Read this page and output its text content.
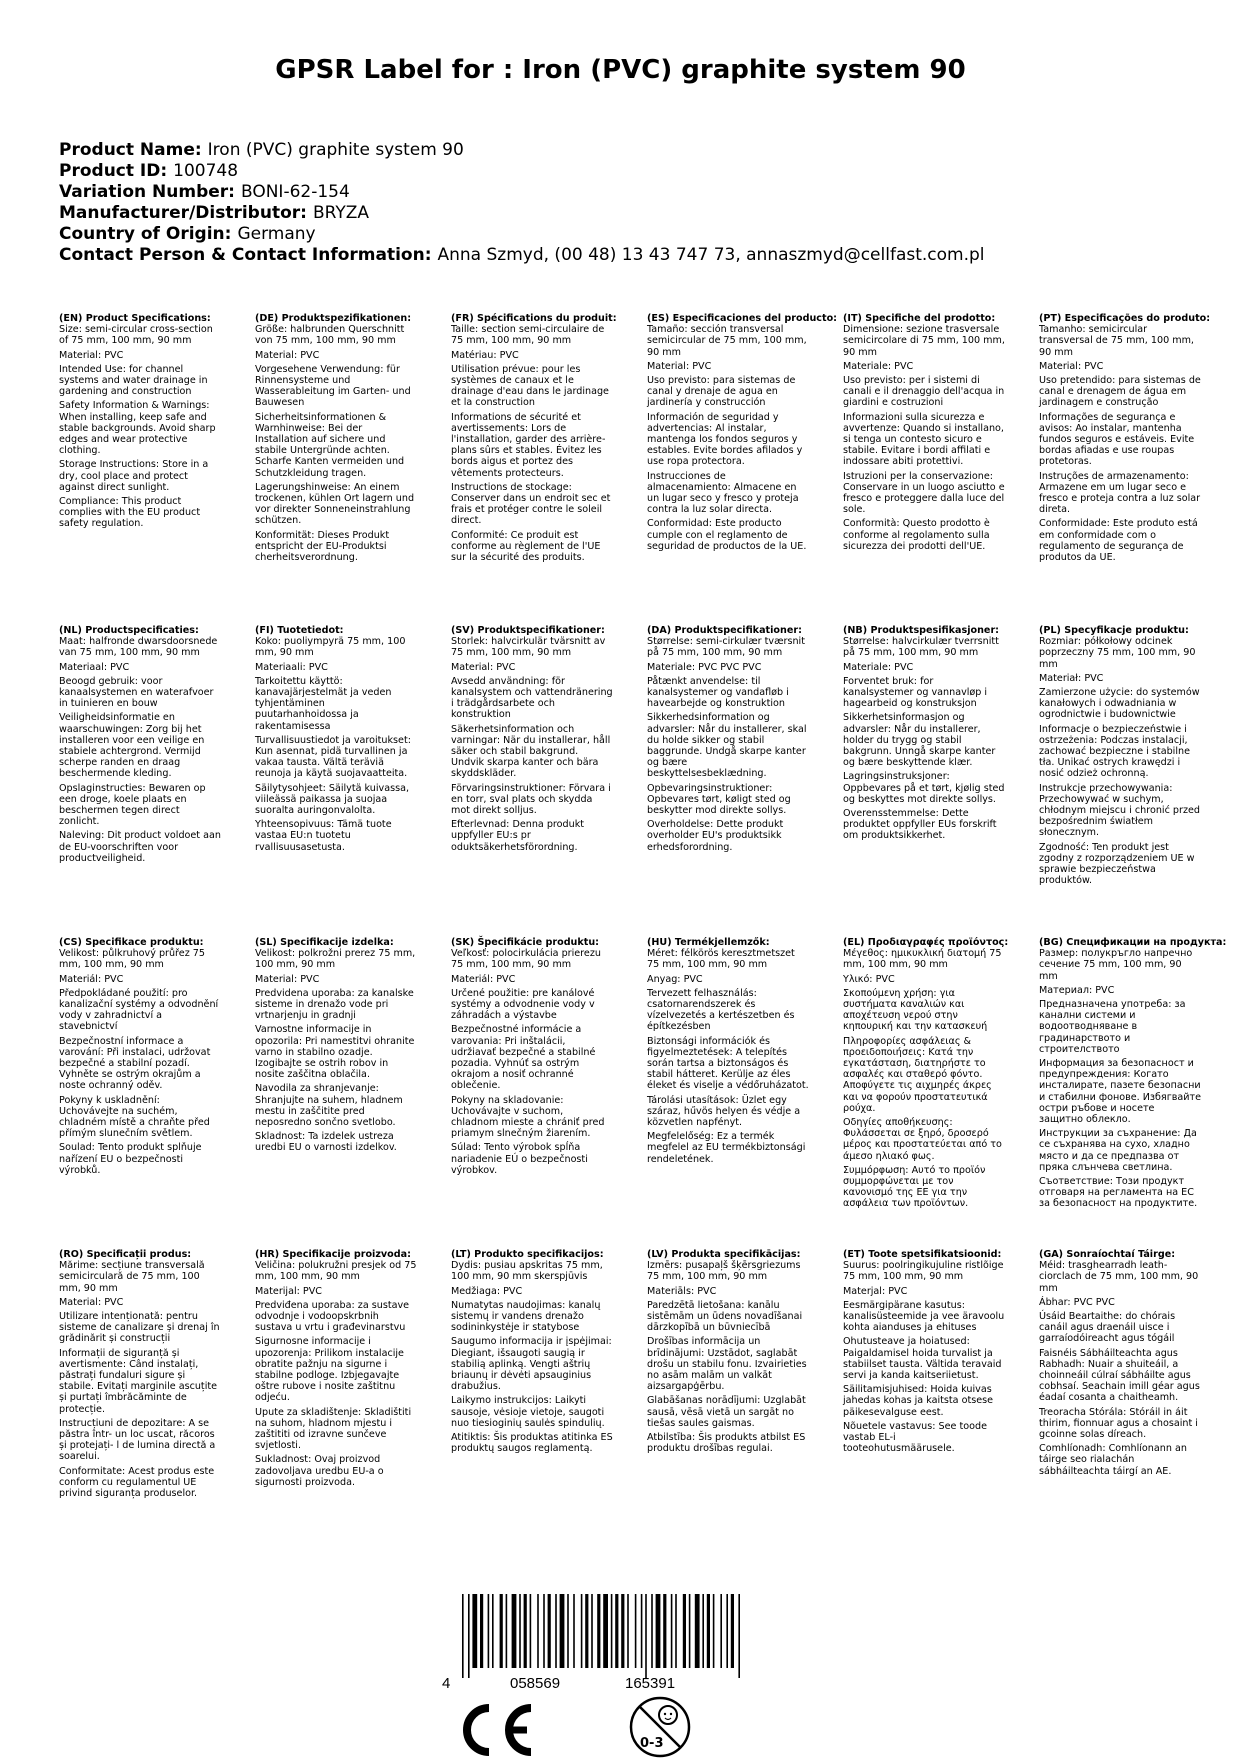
GPSR Label for : Iron (PVC) graphite system 90
Product Name: Iron (PVC) graphite system 90
Product ID: 100748
Variation Number: BONI-62-154
Manufacturer/Distributor: BRYZA
Country of Origin: Germany
Contact Person & Contact Information: Anna Szmyd, (00 48) 13 43 747 73, annaszmyd@cellfast.com.pl
(EN) Product Specifications:

Size: semi-circular cross-section of 75 mm, 100 mm, 90 mm

Material: PVC

Intended Use: for channel systems and water drainage in gardening and construction

Safety Information & Warnings: When installing, keep safe and stable backgrounds. Avoid sharp edges and wear protective clothing.

Storage Instructions: Store in a dry, cool place and protect against direct sunlight.

Compliance: This product complies with the EU product safety regulation.

(DE) Produktspezifikationen:

Größe: halbrunden Querschnitt von 75 mm, 100 mm, 90 mm

Material: PVC

Vorgesehene Verwendung: für Rinnensysteme und Wasserableitung im Garten- und Bauwesen

Sicherheitsinformationen & Warnhinweise: Bei der Installation auf sichere und stabile Untergründe achten. Scharfe Kanten vermeiden und Schutzkleidung tragen.

Lagerungshinweise: An einem trockenen, kühlen Ort lagern und vor direkter Sonneneinstrahlung schützen.

Konformität: Dieses Produkt entspricht der EU-Produktsi cherheitsverordnung.

(FR) Spécifications du produit:

Taille: section semi-circulaire de 75 mm, 100 mm, 90 mm

Matériau: PVC

Utilisation prévue: pour les systèmes de canaux et le drainage d'eau dans le jardinage et la construction

Informations de sécurité et avertissements: Lors de l'installation, garder des arrière-plans sûrs et stables. Évitez les bords aigus et portez des vêtements protecteurs.

Instructions de stockage: Conserver dans un endroit sec et frais et protéger contre le soleil direct.

Conformité: Ce produit est conforme au règlement de l'UE sur la sécurité des produits.

(ES) Especificaciones del producto:

Tamaño: sección transversal semicircular de 75 mm, 100 mm, 90 mm

Material: PVC

Uso previsto: para sistemas de canal y drenaje de agua en jardinería y construcción

Información de seguridad y advertencias: Al instalar, mantenga los fondos seguros y estables. Evite bordes afilados y use ropa protectora.

Instrucciones de almacenamiento: Almacene en un lugar seco y fresco y proteja contra la luz solar directa.

Conformidad: Este producto cumple con el reglamento de seguridad de productos de la UE.

(IT) Specifiche del prodotto:

Dimensione: sezione trasversale semicircolare di 75 mm, 100 mm, 90 mm

Materiale: PVC

Uso previsto: per i sistemi di canali e il drenaggio dell'acqua in giardini e costruzioni

Informazioni sulla sicurezza e avvertenze: Quando si installano, si tenga un contesto sicuro e stabile. Evitare i bordi affilati e indossare abiti protettivi.

Istruzioni per la conservazione: Conservare in un luogo asciutto e fresco e proteggere dalla luce del sole.

Conformità: Questo prodotto è conforme al regolamento sulla sicurezza dei prodotti dell'UE.

(PT) Especificações do produto:

Tamanho: semicircular transversal de 75 mm, 100 mm, 90 mm

Material: PVC

Uso pretendido: para sistemas de canal e drenagem de água em jardinagem e construção

Informações de segurança e avisos: Ao instalar, mantenha fundos seguros e estáveis. Evite bordas afiadas e use roupas protetoras.

Instruções de armazenamento: Armazene em um lugar seco e fresco e proteja contra a luz solar direta.

Conformidade: Este produto está em conformidade com o regulamento de segurança de produtos da UE.

(NL) Productspecificaties:

Maat: halfronde dwarsdoorsnede van 75 mm, 100 mm, 90 mm

Materiaal: PVC

Beoogd gebruik: voor kanaalsystemen en waterafvoer in tuinieren en bouw

Veiligheidsinformatie en waarschuwingen: Zorg bij het installeren voor een veilige en stabiele achtergrond. Vermijd scherpe randen en draag beschermende kleding.

Opslaginstructies: Bewaren op een droge, koele plaats en beschermen tegen direct zonlicht.

Naleving: Dit product voldoet aan de EU-voorschriften voor productveiligheid.

(FI) Tuotetiedot:

Koko: puoliympyrä 75 mm, 100 mm, 90 mm

Materiaali: PVC

Tarkoitettu käyttö: kanavajärjestelmät ja veden tyhjentäminen puutarhanhoidossa ja rakentamisessa

Turvallisuustiedot ja varoitukset: Kun asennat, pidä turvallinen ja vakaa tausta. Vältä teräviä reunoja ja käytä suojavaatteita.

Säilytysohjeet: Säilytä kuivassa, viileässä paikassa ja suojaa suoralta auringonvalolta.

Yhteensopivuus: Tämä tuote vastaa EU:n tuotetu rvallisuusasetusta.

(SV) Produktspecifikationer:

Storlek: halvcirkulär tvärsnitt av 75 mm, 100 mm, 90 mm

Material: PVC

Avsedd användning: för kanalsystem och vattendränering i trädgårdsarbete och konstruktion

Säkerhetsinformation och varningar: När du installerar, håll säker och stabil bakgrund. Undvik skarpa kanter och bära skyddskläder.

Förvaringsinstruktioner: Förvara i en torr, sval plats och skydda mot direkt solljus.

Efterlevnad: Denna produkt uppfyller EU:s pr oduktsäkerhetsförordning.

(DA) Produktspecifikationer:

Størrelse: semi-cirkulær tværsnit på 75 mm, 100 mm, 90 mm

Materiale: PVC PVC PVC

Påtænkt anvendelse: til kanalsystemer og vandafløb i havearbejde og konstruktion

Sikkerhedsinformation og advarsler: Når du installerer, skal du holde sikker og stabil baggrunde. Undgå skarpe kanter og bære beskyttelsesbeklædning.

Opbevaringsinstruktioner: Opbevares tørt, køligt sted og beskytter mod direkte sollys.

Overholdelse: Dette produkt overholder EU's produktsikk erhedsforordning.

(NB) Produktspesifikasjoner:

Størrelse: halvcirkulær tverrsnitt på 75 mm, 100 mm, 90 mm

Materiale: PVC

Forventet bruk: for kanalsystemer og vannavløp i hagearbeid og konstruksjon

Sikkerhetsinformasjon og advarsler: Når du installerer, holder du trygg og stabil bakgrunn. Unngå skarpe kanter og bære beskyttende klær.

Lagringsinstruksjoner: Oppbevares på et tørt, kjølig sted og beskyttes mot direkte sollys.

Overensstemmelse: Dette produktet oppfyller EUs forskrift om produktsikkerhet.

(PL) Specyfikacje produktu:

Rozmiar: półkołowy odcinek poprzeczny 75 mm, 100 mm, 90 mm

Materiał: PVC

Zamierzone użycie: do systemów kanałowych i odwadniania w ogrodnictwie i budownictwie

Informacje o bezpieczeństwie i ostrzeżenia: Podczas instalacji, zachować bezpieczne i stabilne tła. Unikać ostrych krawędzi i nosić odzież ochronną.

Instrukcje przechowywania: Przechowywać w suchym, chłodnym miejscu i chronić przed bezpośrednim światłem słonecznym.

Zgodność: Ten produkt jest zgodny z rozporządzeniem UE w sprawie bezpieczeństwa produktów.

(CS) Specifikace produktu:

Velikost: půlkruhový průřez 75 mm, 100 mm, 90 mm

Materiál: PVC

Předpokládané použití: pro kanalizační systémy a odvodnění vody v zahradnictví a stavebnictví

Bezpečnostní informace a varování: Při instalaci, udržovat bezpečné a stabilní pozadí. Vyhněte se ostrým okrajům a noste ochranný oděv.

Pokyny k uskladnění: Uchovávejte na suchém, chladném místě a chraňte před přímým slunečním světlem.

Soulad: Tento produkt splňuje nařízení EU o bezpečnosti výrobků.

(SL) Specifikacije izdelka:

Velikost: polkrožni prerez 75 mm, 100 mm, 90 mm

Material: PVC

Predvidena uporaba: za kanalske sisteme in drenažo vode pri vrtnarjenju in gradnji

Varnostne informacije in opozorila: Pri namestitvi ohranite varno in stabilno ozadje. Izogibajte se ostrih robov in nosite zaščitna oblačila.

Navodila za shranjevanje: Shranjujte na suhem, hladnem mestu in zaščitite pred neposredno sončno svetlobo.

Skladnost: Ta izdelek ustreza uredbi EU o varnosti izdelkov.

(SK) Špecifikácie produktu:

Veľkosť: polocirkulácia prierezu 75 mm, 100 mm, 90 mm

Materiál: PVC

Určené použitie: pre kanálové systémy a odvodnenie vody v záhradách a výstavbe

Bezpečnostné informácie a varovania: Pri inštalácii, udržiavať bezpečné a stabilné pozadia. Vyhnúť sa ostrým okrajom a nosiť ochranné oblečenie.

Pokyny na skladovanie: Uchovávajte v suchom, chladnom mieste a chrániť pred priamym slnečným žiarením.

Súlad: Tento výrobok spĺňa nariadenie EÚ o bezpečnosti výrobkov.

(HU) Termékjellemzők:

Méret: félkörös keresztmetszet 75 mm, 100 mm, 90 mm

Anyag: PVC

Tervezett felhasználás: csatornarendszerek és vízelvezetés a kertészetben és építkezésben

Biztonsági információk és figyelmeztetések: A telepítés során tartsa a biztonságos és stabil hátteret. Kerülje az éles éleket és viselje a védőruházatot.

Tárolási utasítások: Üzlet egy száraz, hűvös helyen és védje a közvetlen napfényt.

Megfelelőség: Ez a termék megfelel az EU termékbiztonsági rendeletének.

(EL) Προδιαγραφές προϊόντος:

Μέγεθος: ημικυκλική διατομή 75 mm, 100 mm, 90 mm

Υλικό: PVC

Σκοπούμενη χρήση: για συστήματα καναλιών και αποχέτευση νερού στην κηπουρική και την κατασκευή

Πληροφορίες ασφάλειας & προειδοποιήσεις: Κατά την εγκατάσταση, διατηρήστε το ασφαλές και σταθερό φόντο. Αποφύγετε τις αιχμηρές άκρες και να φορούν προστατευτικά ρούχα.

Οδηγίες αποθήκευσης: Φυλάσσεται σε ξηρό, δροσερό μέρος και προστατεύεται από το άμεσο ηλιακό φως.

Συμμόρφωση: Αυτό το προϊόν συμμορφώνεται με τον κανονισμό της ΕΕ για την ασφάλεια των προϊόντων.

(BG) Спецификации на продукта:

Размер: полукръгло напречно сечение 75 mm, 100 mm, 90 mm

Материал: PVC

Предназначена употреба: за канални системи и водоотводняване в градинарството и строителството

Информация за безопасност и предупреждения: Когато инсталирате, пазете безопасни и стабилни фонове. Избягвайте остри ръбове и носете защитно облекло.

Инструкции за съхранение: Да се съхранява на сухо, хладно място и да се предпазва от пряка слънчева светлина.

Съответствие: Този продукт отговаря на регламента на ЕС за безопасност на продуктите.

(RO) Specificații produs:

Mărime: secțiune transversală semicirculară de 75 mm, 100 mm, 90 mm

Material: PVC

Utilizare intenționată: pentru sisteme de canalizare și drenaj în grădinărit și construcții

Informații de siguranță și avertismente: Când instalați, păstrați fundaluri sigure și stabile. Evitați marginile ascuțite și purtați îmbrăcăminte de protecție.

Instrucțiuni de depozitare: A se păstra într- un loc uscat, răcoros și protejați- l de lumina directă a soarelui.

Conformitate: Acest produs este conform cu regulamentul UE privind siguranța produselor.

(HR) Specifikacije proizvoda:

Veličina: polukružni presjek od 75 mm, 100 mm, 90 mm

Materijal: PVC

Predviđena uporaba: za sustave odvodnje i vodoopskrbnih sustava u vrtu i građevinarstvu

Sigurnosne informacije i upozorenja: Prilikom instalacije obratite pažnju na sigurne i stabilne podloge. Izbjegavajte oštre rubove i nosite zaštitnu odjeću.

Upute za skladištenje: Skladištiti na suhom, hladnom mjestu i zaštititi od izravne sunčeve svjetlosti.

Sukladnost: Ovaj proizvod zadovoljava uredbu EU-a o sigurnosti proizvoda.

(LT) Produkto specifikacijos:

Dydis: pusiau apskritas 75 mm, 100 mm, 90 mm skerspjūvis

Medžiaga: PVC

Numatytas naudojimas: kanalų sistemų ir vandens drenažo sodininkystėje ir statybose

Saugumo informacija ir įspėjimai: Diegiant, išsaugoti saugią ir stabilią aplinką. Vengti aštrių briaunų ir dėvėti apsauginius drabužius.

Laikymo instrukcijos: Laikyti sausoje, vėsioje vietoje, saugoti nuo tiesioginių saulės spindulių.

Atitiktis: Šis produktas atitinka ES produktų saugos reglamentą.

(LV) Produkta specifikācijas:

Izmērs: pusapaļš šķērsgriezums 75 mm, 100 mm, 90 mm

Materiāls: PVC

Paredzētā lietošana: kanālu sistēmām un ūdens novadīšanai dārzkopībā un būvniecībā

Drošības informācija un brīdinājumi: Uzstādot, saglabāt drošu un stabilu fonu. Izvairieties no asām malām un valkāt aizsargapģērbu.

Glabāšanas norādījumi: Uzglabāt sausā, vēsā vietā un sargāt no tiešas saules gaismas.

Atbilstība: Šis produkts atbilst ES produktu drošības regulai.

(ET) Toote spetsifikatsioonid:

Suurus: poolringikujuline ristlõige 75 mm, 100 mm, 90 mm

Materjal: PVC

Eesmärgipärane kasutus: kanalisüsteemide ja vee äravoolu kohta aianduses ja ehituses

Ohutusteave ja hoiatused: Paigaldamisel hoida turvalist ja stabiilset tausta. Vältida teravaid servi ja kanda kaitseriietust.

Säilitamisjuhised: Hoida kuivas jahedas kohas ja kaitsta otsese päikesevalguse eest.

Nõuetele vastavus: See toode vastab EL-i tooteohutusmäärusele.

(GA) Sonraíochtaí Táirge:

Méid: trasghearradh leath-ciorclach de 75 mm, 100 mm, 90 mm

Ábhar: PVC PVC

Úsáid Beartaithe: do chórais canáil agus draenáil uisce i garraíodóireacht agus tógáil

Faisnéis Sábháilteachta agus Rabhadh: Nuair a shuiteáil, a choinneáil cúlraí sábháilte agus cobhsaí. Seachain imill géar agus éadaí cosanta a chaitheamh.

Treoracha Stórála: Stóráil in áit thirim, fionnuar agus a chosaint i gcoinne solas díreach.

Comhlíonadh: Comhlíonann an táirge seo rialachán sábháilteachta táirgí an AE.

4	058569	165391
0-3
